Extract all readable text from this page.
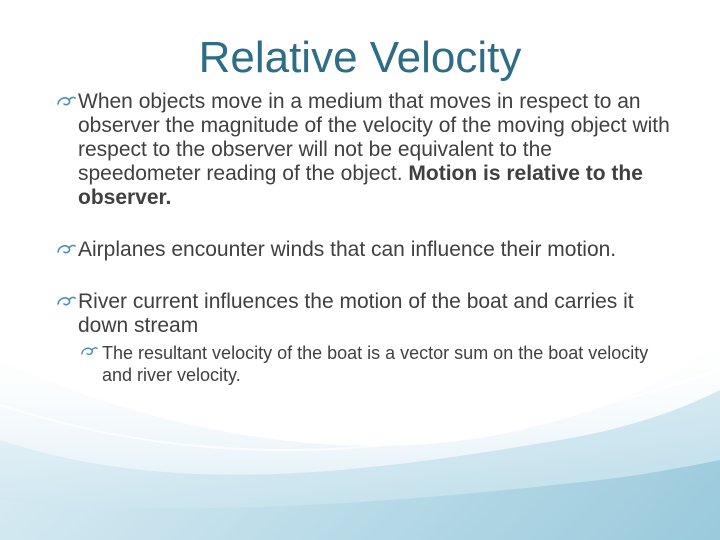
Relative Velocity
When objects move in a medium that moves in respect to an observer the magnitude of the velocity of the moving object with respect to the observer will not be equivalent to the speedometer reading of the object. Motion is relative to the observer.
Airplanes encounter winds that can influence their motion.
River current influences the motion of the boat and carries it down stream
The resultant velocity of the boat is a vector sum on the boat velocity and river velocity.
